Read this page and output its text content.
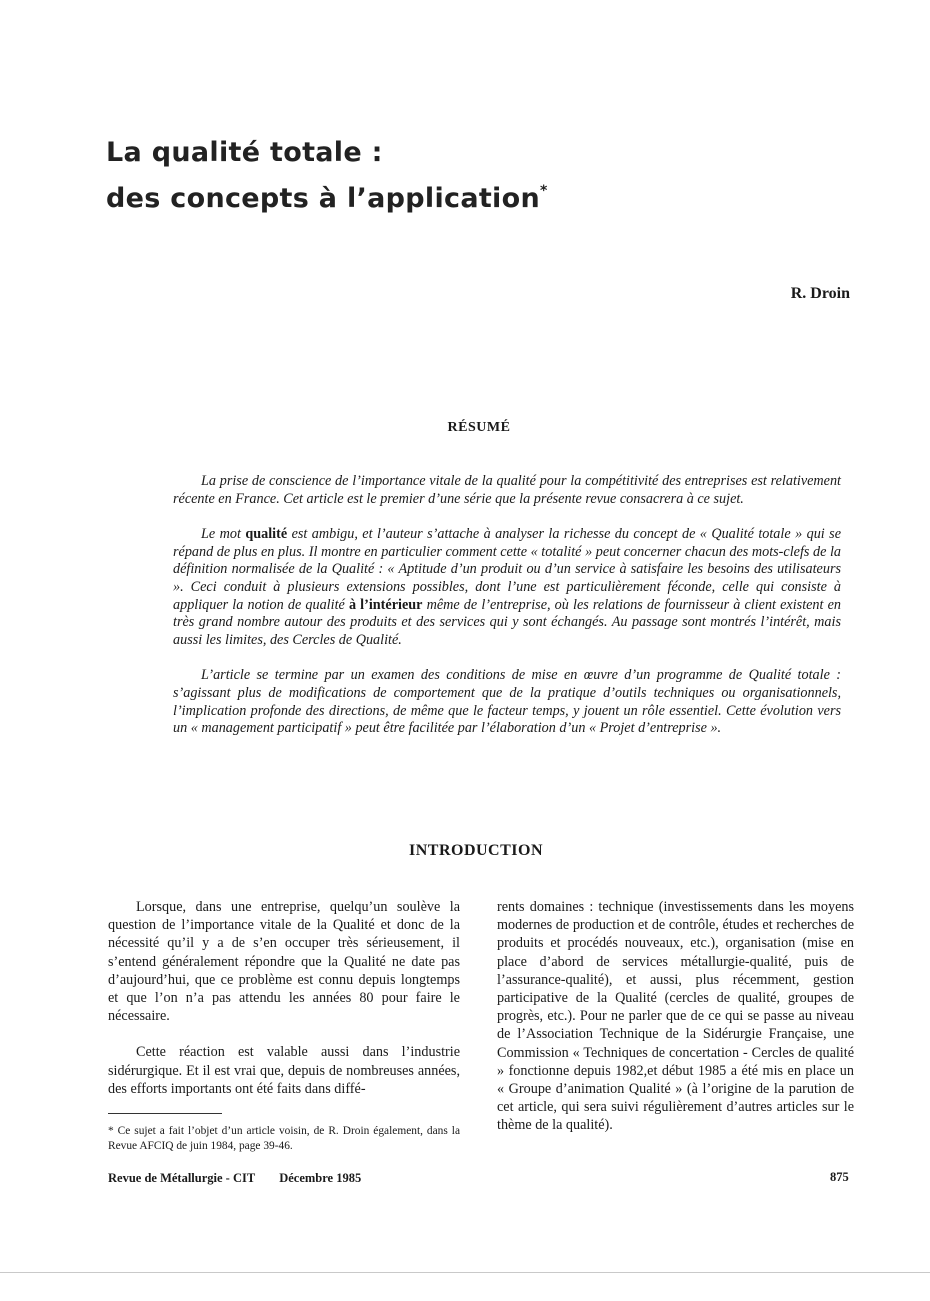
La qualité totale :
des concepts à l’application*
R. Droin
RÉSUMÉ

La prise de conscience de l’importance vitale de la qualité pour la compétitivité des entreprises est relativement récente en France. Cet article est le premier d’une série que la présente revue consacrera à ce sujet.

Le mot qualité est ambigu, et l’auteur s’attache à analyser la richesse du concept de « Qualité totale » qui se répand de plus en plus. Il montre en particulier comment cette « totalité » peut concerner chacun des mots-clefs de la définition normalisée de la Qualité : « Aptitude d’un produit ou d’un service à satisfaire les besoins des utilisateurs ». Ceci conduit à plusieurs extensions possibles, dont l’une est particulièrement féconde, celle qui consiste à appliquer la notion de qualité à l’intérieur même de l’entreprise, où les relations de fournisseur à client existent en très grand nombre autour des produits et des services qui y sont échangés. Au passage sont montrés l’intérêt, mais aussi les limites, des Cercles de Qualité.

L’article se termine par un examen des conditions de mise en œuvre d’un programme de Qualité totale : s’agissant plus de modifications de comportement que de la pratique d’outils techniques ou organisationnels, l’implication profonde des directions, de même que le facteur temps, y jouent un rôle essentiel. Cette évolution vers un « management participatif » peut être facilitée par l’élaboration d’un « Projet d’entreprise ».

INTRODUCTION

Lorsque, dans une entreprise, quelqu’un soulève la question de l’importance vitale de la Qualité et donc de la nécessité qu’il y a de s’en occuper très sérieusement, il s’entend généralement répondre que la Qualité ne date pas d’aujourd’hui, que ce problème est connu depuis longtemps et que l’on n’a pas attendu les années 80 pour faire le nécessaire.

Cette réaction est valable aussi dans l’industrie sidérurgique. Et il est vrai que, depuis de nombreuses années, des efforts importants ont été faits dans diffé-

rents domaines : technique (investissements dans les moyens modernes de production et de contrôle, études et recherches de produits et procédés nouveaux, etc.), organisation (mise en place d’abord de services métallurgie-qualité, puis de l’assurance-qualité), et aussi, plus récemment, gestion participative de la Qualité (cercles de qualité, groupes de progrès, etc.). Pour ne parler que de ce qui se passe au niveau de l’Association Technique de la Sidérurgie Française, une Commission « Techniques de concertation - Cercles de qualité » fonctionne depuis 1982,et début 1985 a été mis en place un « Groupe d’animation Qualité » (à l’origine de la parution de cet article, qui sera suivi régulièrement d’autres articles sur le thème de la qualité).

* Ce sujet a fait l’objet d’un article voisin, de R. Droin également, dans la Revue AFCIQ de juin 1984, page 39-46.
Revue de Métallurgie - CIT Décembre 1985	875
